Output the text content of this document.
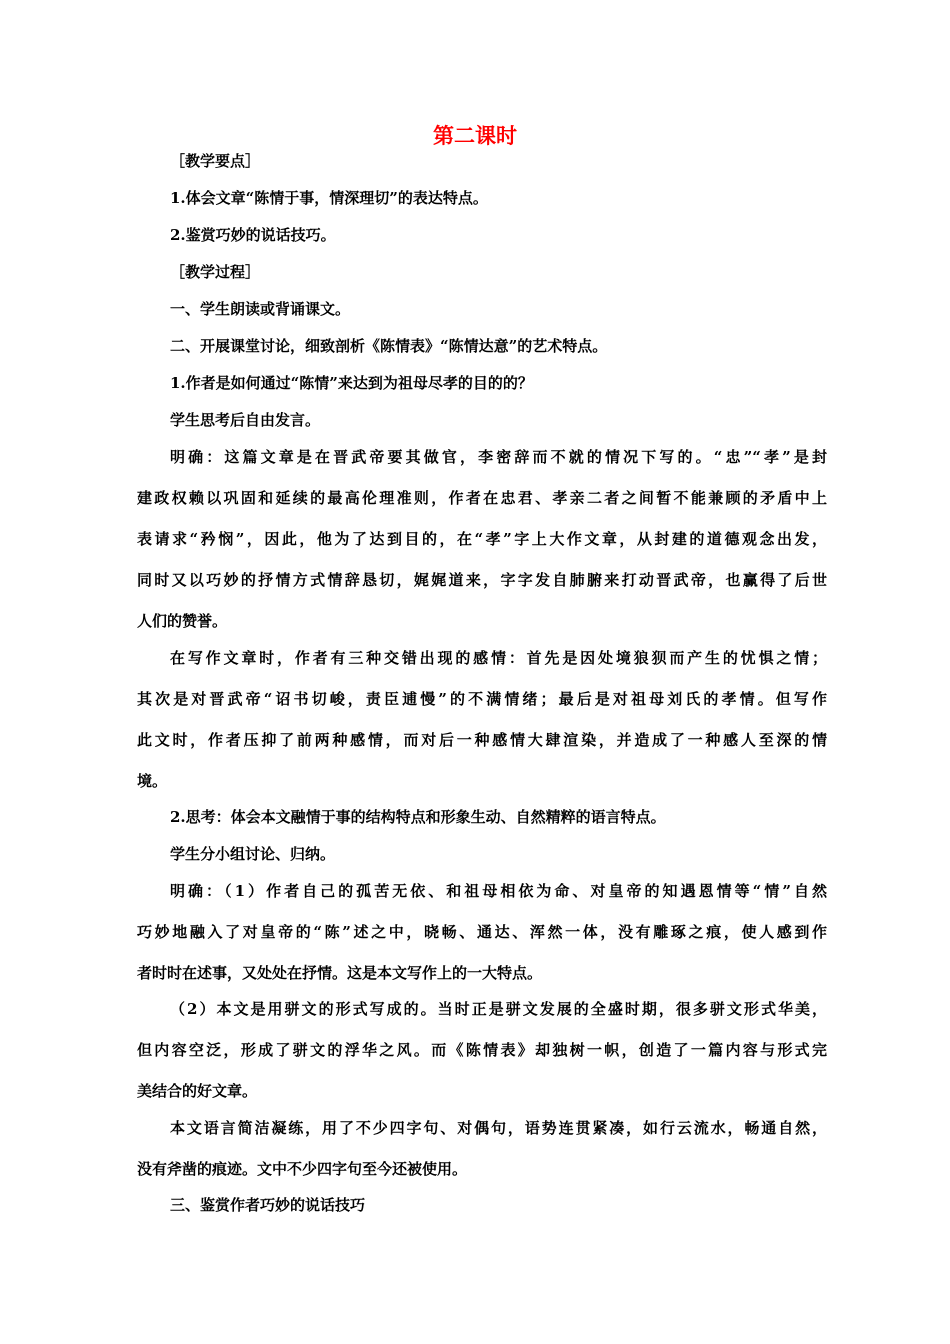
第二课时
［教学要点］
1.体会文章“陈情于事，情深理切”的表达特点。
2.鉴赏巧妙的说话技巧。
［教学过程］
一、学生朗读或背诵课文。
二、开展课堂讨论，细致剖析《陈情表》“陈情达意”的艺术特点。
1.作者是如何通过“陈情”来达到为祖母尽孝的目的的？
学生思考后自由发言。
明确：这篇文章是在晋武帝要其做官，李密辞而不就的情况下写的。“忠”“孝”是封
建政权赖以巩固和延续的最高伦理准则，作者在忠君、孝亲二者之间暂不能兼顾的矛盾中上
表请求“矜悯”，因此，他为了达到目的，在“孝”字上大作文章，从封建的道德观念出发，
同时又以巧妙的抒情方式情辞恳切，娓娓道来，字字发自肺腑来打动晋武帝，也赢得了后世
人们的赞誉。
在写作文章时，作者有三种交错出现的感情：首先是因处境狼狈而产生的忧惧之情；
其次是对晋武帝“诏书切峻，责臣逋慢”的不满情绪；最后是对祖母刘氏的孝情。但写作
此文时，作者压抑了前两种感情，而对后一种感情大肆渲染，并造成了一种感人至深的情
境。
2.思考：体会本文融情于事的结构特点和形象生动、自然精粹的语言特点。
学生分小组讨论、归纳。
明确：（1）作者自己的孤苦无依、和祖母相依为命、对皇帝的知遇恩情等“情”自然
巧妙地融入了对皇帝的“陈”述之中，晓畅、通达、浑然一体，没有雕琢之痕，使人感到作
者时时在述事，又处处在抒情。这是本文写作上的一大特点。
（2）本文是用骈文的形式写成的。当时正是骈文发展的全盛时期，很多骈文形式华美，
但内容空泛，形成了骈文的浮华之风。而《陈情表》却独树一帜，创造了一篇内容与形式完
美结合的好文章。
本文语言简洁凝练，用了不少四字句、对偶句，语势连贯紧凑，如行云流水，畅通自然，
没有斧凿的痕迹。文中不少四字句至今还被使用。
三、鉴赏作者巧妙的说话技巧
